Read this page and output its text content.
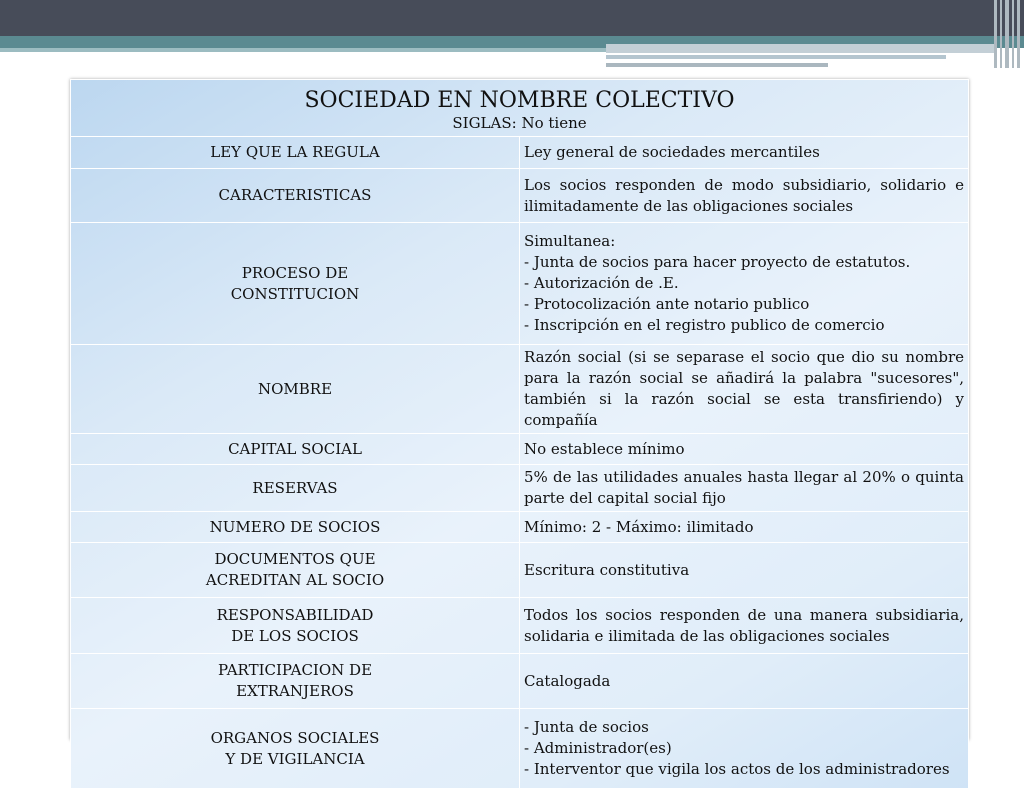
SOCIEDAD EN NOMBRE COLECTIVO
SIGLAS: No tiene	

LEY QUE LA REGULA	Ley general de sociedades mercantiles

CARACTERISTICAS	Los socios responden de modo subsidiario, solidario e ilimitadamente de las obligaciones sociales

PROCESO DE
CONSTITUCION	Simultanea:
- Junta de socios para hacer proyecto de estatutos.
- Autorización de .E.
- Protocolización ante notario publico
- Inscripción en el registro publico de comercio

NOMBRE	Razón social (si se separase el socio que dio su nombre para la razón social se añadirá la palabra "sucesores", también si la razón social se esta transfiriendo) y compañía

CAPITAL SOCIAL	No establece mínimo

RESERVAS	5% de las utilidades anuales hasta llegar al 20% o quinta parte del capital social fijo

NUMERO DE SOCIOS	Mínimo: 2 - Máximo: ilimitado

DOCUMENTOS QUE
ACREDITAN AL SOCIO	Escritura constitutiva

RESPONSABILIDAD
DE LOS SOCIOS	Todos los socios responden de una manera subsidiaria, solidaria e ilimitada de las obligaciones sociales

PARTICIPACION DE
EXTRANJEROS	Catalogada

ORGANOS SOCIALES
Y DE VIGILANCIA	- Junta de socios
- Administrador(es)
- Interventor que vigila los actos de los administradores
